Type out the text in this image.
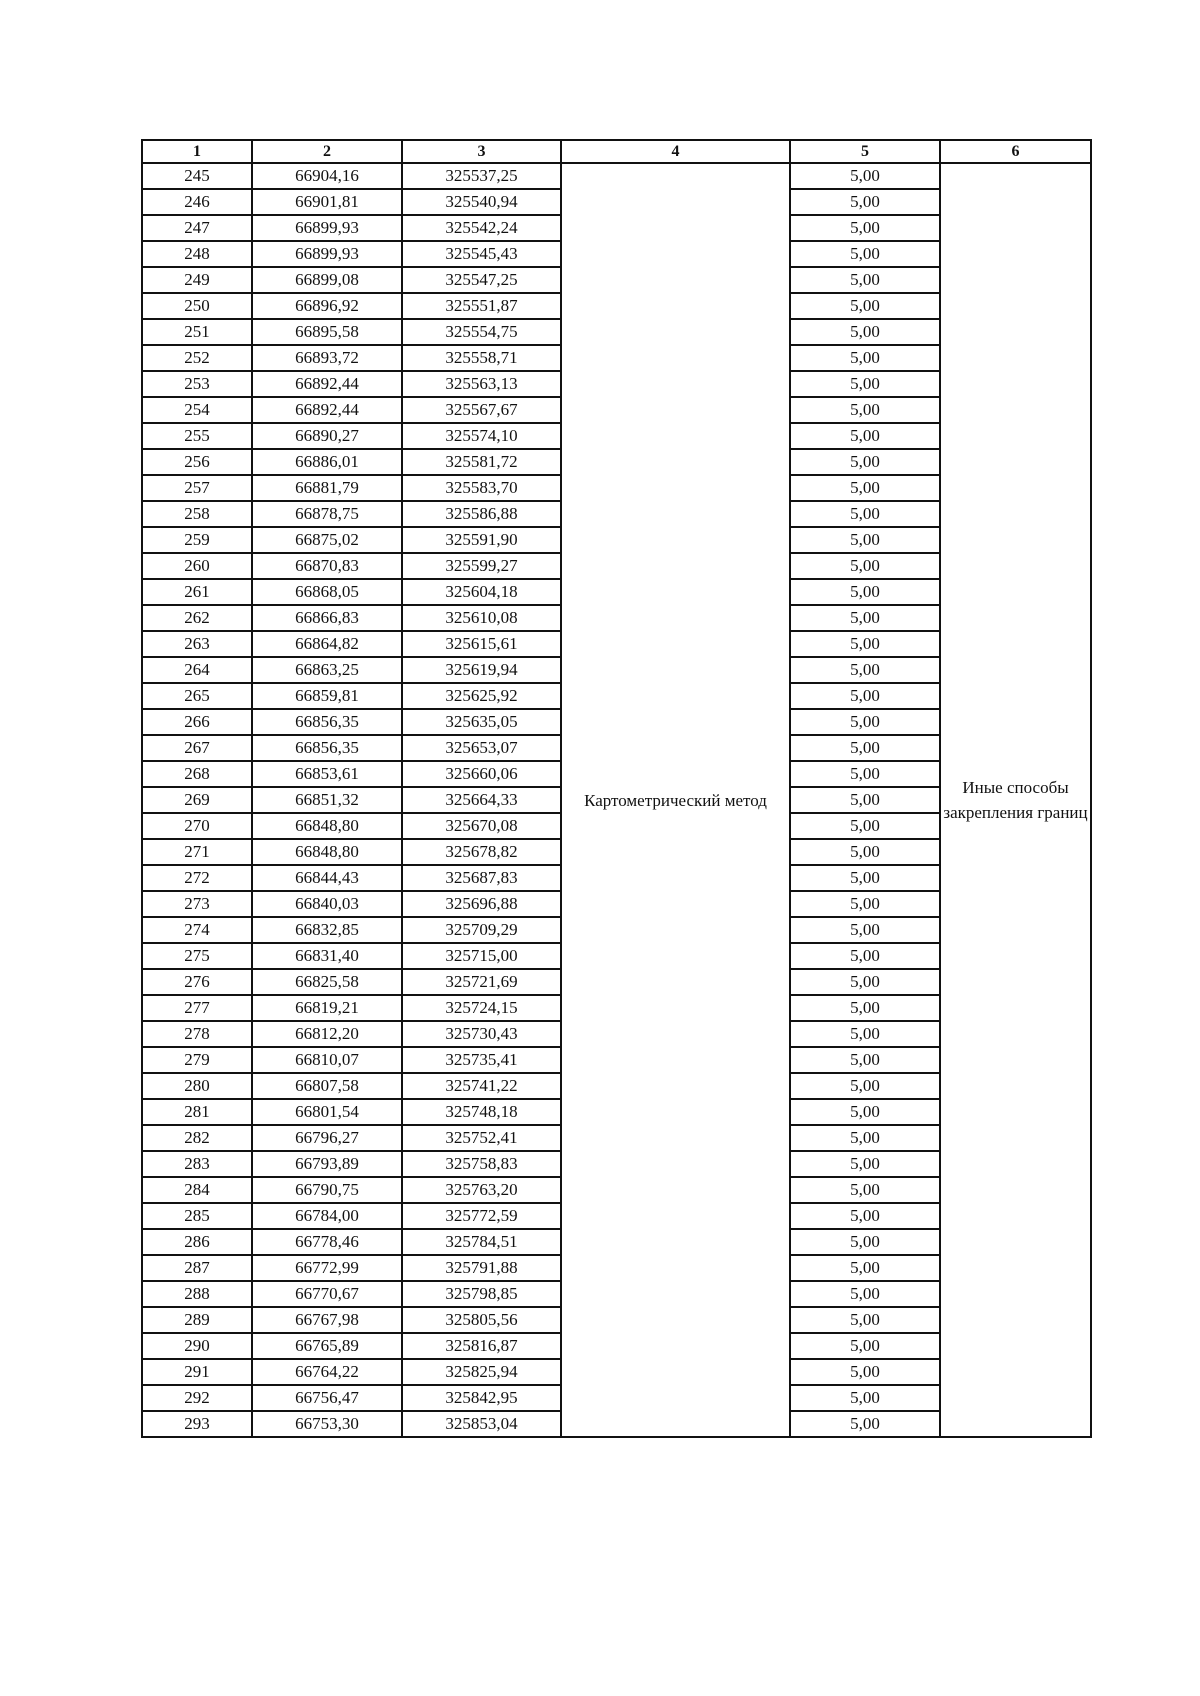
1	2	3	4	5	6
245	66904,16	325537,25	Картометрический метод	5,00	Иные способы закрепления границ
246	66901,81	325540,94		5,00	
247	66899,93	325542,24		5,00	
248	66899,93	325545,43		5,00	
249	66899,08	325547,25		5,00	
250	66896,92	325551,87		5,00	
251	66895,58	325554,75		5,00	
252	66893,72	325558,71		5,00	
253	66892,44	325563,13		5,00	
254	66892,44	325567,67		5,00	
255	66890,27	325574,10		5,00	
256	66886,01	325581,72		5,00	
257	66881,79	325583,70		5,00	
258	66878,75	325586,88		5,00	
259	66875,02	325591,90		5,00	
260	66870,83	325599,27		5,00	
261	66868,05	325604,18		5,00	
262	66866,83	325610,08		5,00	
263	66864,82	325615,61		5,00	
264	66863,25	325619,94		5,00	
265	66859,81	325625,92		5,00	
266	66856,35	325635,05		5,00	
267	66856,35	325653,07		5,00	
268	66853,61	325660,06		5,00	
269	66851,32	325664,33		5,00	
270	66848,80	325670,08		5,00	
271	66848,80	325678,82		5,00	
272	66844,43	325687,83		5,00	
273	66840,03	325696,88		5,00	
274	66832,85	325709,29		5,00	
275	66831,40	325715,00		5,00	
276	66825,58	325721,69		5,00	
277	66819,21	325724,15		5,00	
278	66812,20	325730,43		5,00	
279	66810,07	325735,41		5,00	
280	66807,58	325741,22		5,00	
281	66801,54	325748,18		5,00	
282	66796,27	325752,41		5,00	
283	66793,89	325758,83		5,00	
284	66790,75	325763,20		5,00	
285	66784,00	325772,59		5,00	
286	66778,46	325784,51		5,00	
287	66772,99	325791,88		5,00	
288	66770,67	325798,85		5,00	
289	66767,98	325805,56		5,00	
290	66765,89	325816,87		5,00	
291	66764,22	325825,94		5,00	
292	66756,47	325842,95		5,00	
293	66753,30	325853,04		5,00	
